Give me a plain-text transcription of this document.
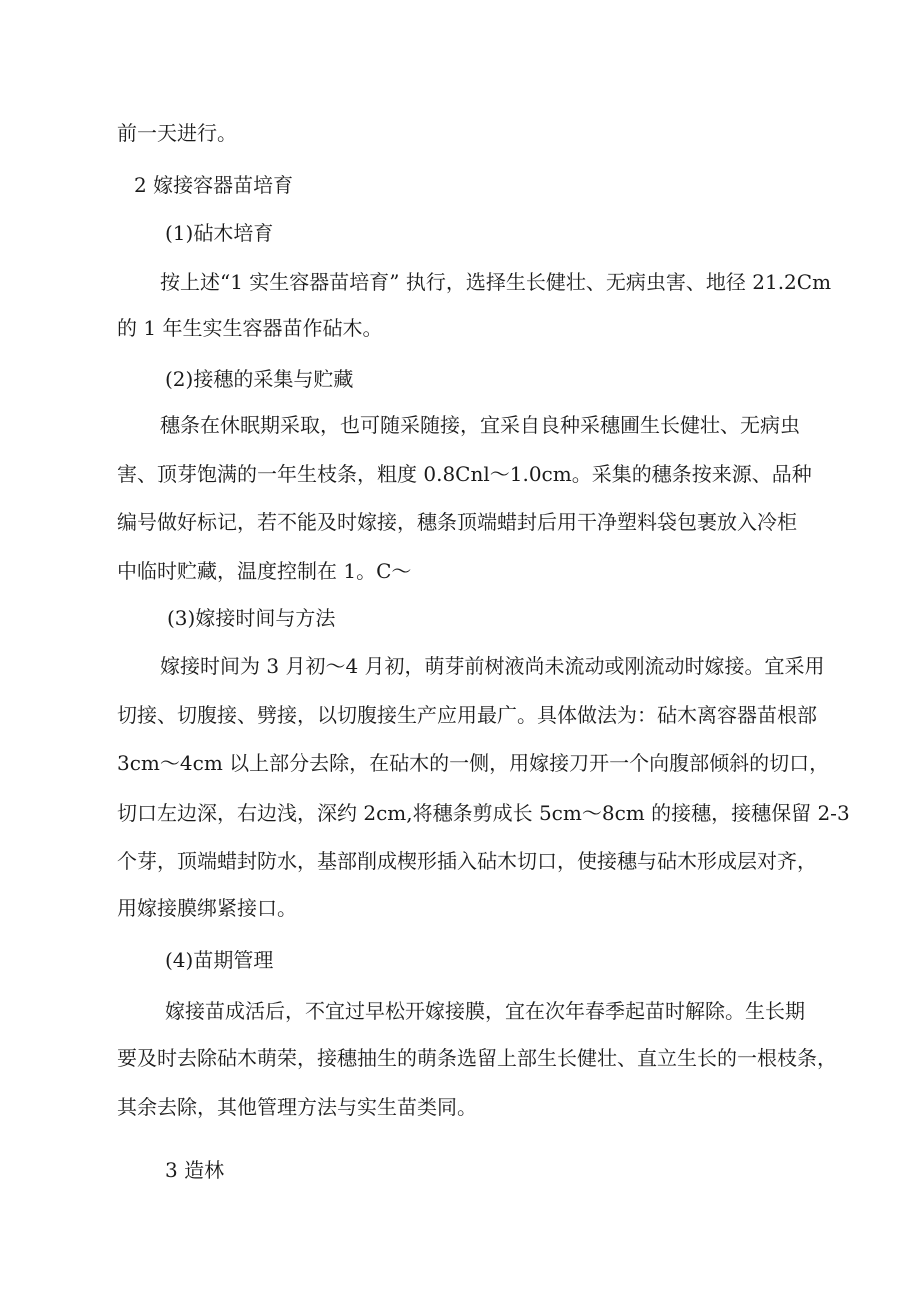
前一天进行。
2 嫁接容器苗培育
(1)砧木培育
按上述“1 实生容器苗培育” 执行，选择生长健壮、无病虫害、地径 21.2Cm
的 1 年生实生容器苗作砧木。
(2)接穗的采集与贮藏
穗条在休眠期采取，也可随采随接，宜采自良种采穗圃生长健壮、无病虫
害、顶芽饱满的一年生枝条，粗度 0.8Cnl～1.0cm。采集的穗条按来源、品种
编号做好标记，若不能及时嫁接，穗条顶端蜡封后用干净塑料袋包裹放入冷柜
中临时贮藏，温度控制在 1。C～
(3)嫁接时间与方法
嫁接时间为 3 月初～4 月初，萌芽前树液尚未流动或刚流动时嫁接。宜采用
切接、切腹接、劈接，以切腹接生产应用最广。具体做法为：砧木离容器苗根部
3cm～4cm 以上部分去除，在砧木的一侧，用嫁接刀开一个向腹部倾斜的切口，
切口左边深，右边浅，深约 2cm,将穗条剪成长 5cm～8cm 的接穗，接穗保留 2-3
个芽，顶端蜡封防水，基部削成楔形插入砧木切口，使接穗与砧木形成层对齐，
用嫁接膜绑紧接口。
(4)苗期管理
嫁接苗成活后，不宜过早松开嫁接膜，宜在次年春季起苗时解除。生长期
要及时去除砧木萌荣，接穗抽生的萌条选留上部生长健壮、直立生长的一根枝条，
其余去除，其他管理方法与实生苗类同。
3 造林
